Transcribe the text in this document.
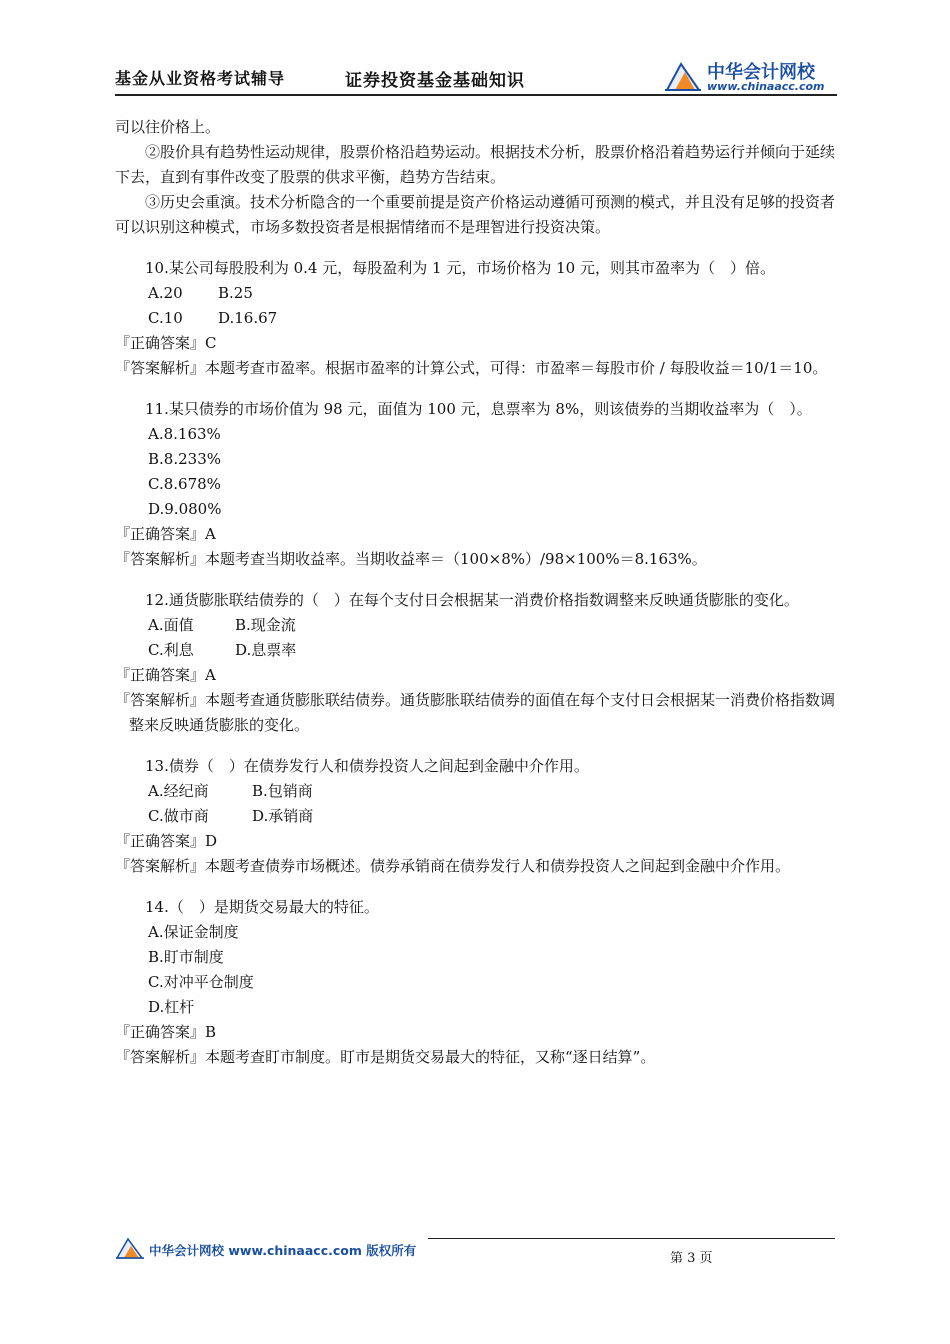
基金从业资格考试辅导	证券投资基金基础知识	中华会计网校
www.chinaacc.com

司以往价格上。

②股价具有趋势性运动规律，股票价格沿趋势运动。根据技术分析，股票价格沿着趋势运行并倾向于延续下去，直到有事件改变了股票的供求平衡，趋势方告结束。

③历史会重演。技术分析隐含的一个重要前提是资产价格运动遵循可预测的模式，并且没有足够的投资者可以识别这种模式，市场多数投资者是根据情绪而不是理智进行投资决策。

10.某公司每股股利为 0.4 元，每股盈利为 1 元，市场价格为 10 元，则其市盈率为（　）倍。

A.20 B.25
C.10 D.16.67
『正确答案』C
『答案解析』本题考查市盈率。根据市盈率的计算公式，可得：市盈率＝每股市价 / 每股收益＝10/1＝10。

11.某只债券的市场价值为 98 元，面值为 100 元，息票率为 8%，则该债券的当期收益率为（　）。

A.8.163%
B.8.233%
C.8.678%
D.9.080%
『正确答案』A
『答案解析』本题考查当期收益率。当期收益率＝（100×8%）/98×100%＝8.163%。

12.通货膨胀联结债券的（　）在每个支付日会根据某一消费价格指数调整来反映通货膨胀的变化。

A.面值	B.现金流
C.利息	D.息票率
『正确答案』A
『答案解析』本题考查通货膨胀联结债券。通货膨胀联结债券的面值在每个支付日会根据某一消费价格指数调整来反映通货膨胀的变化。

13.债券（　）在债券发行人和债券投资人之间起到金融中介作用。

A.经纪商	B.包销商
C.做市商	D.承销商
『正确答案』D
『答案解析』本题考查债券市场概述。债券承销商在债券发行人和债券投资人之间起到金融中介作用。

14.（　）是期货交易最大的特征。

A.保证金制度
B.盯市制度
C.对冲平仓制度
D.杠杆
『正确答案』B
『答案解析』本题考查盯市制度。盯市是期货交易最大的特征，又称“逐日结算”。
中华会计网校 www.chinaacc.com 版权所有
第 3 页
